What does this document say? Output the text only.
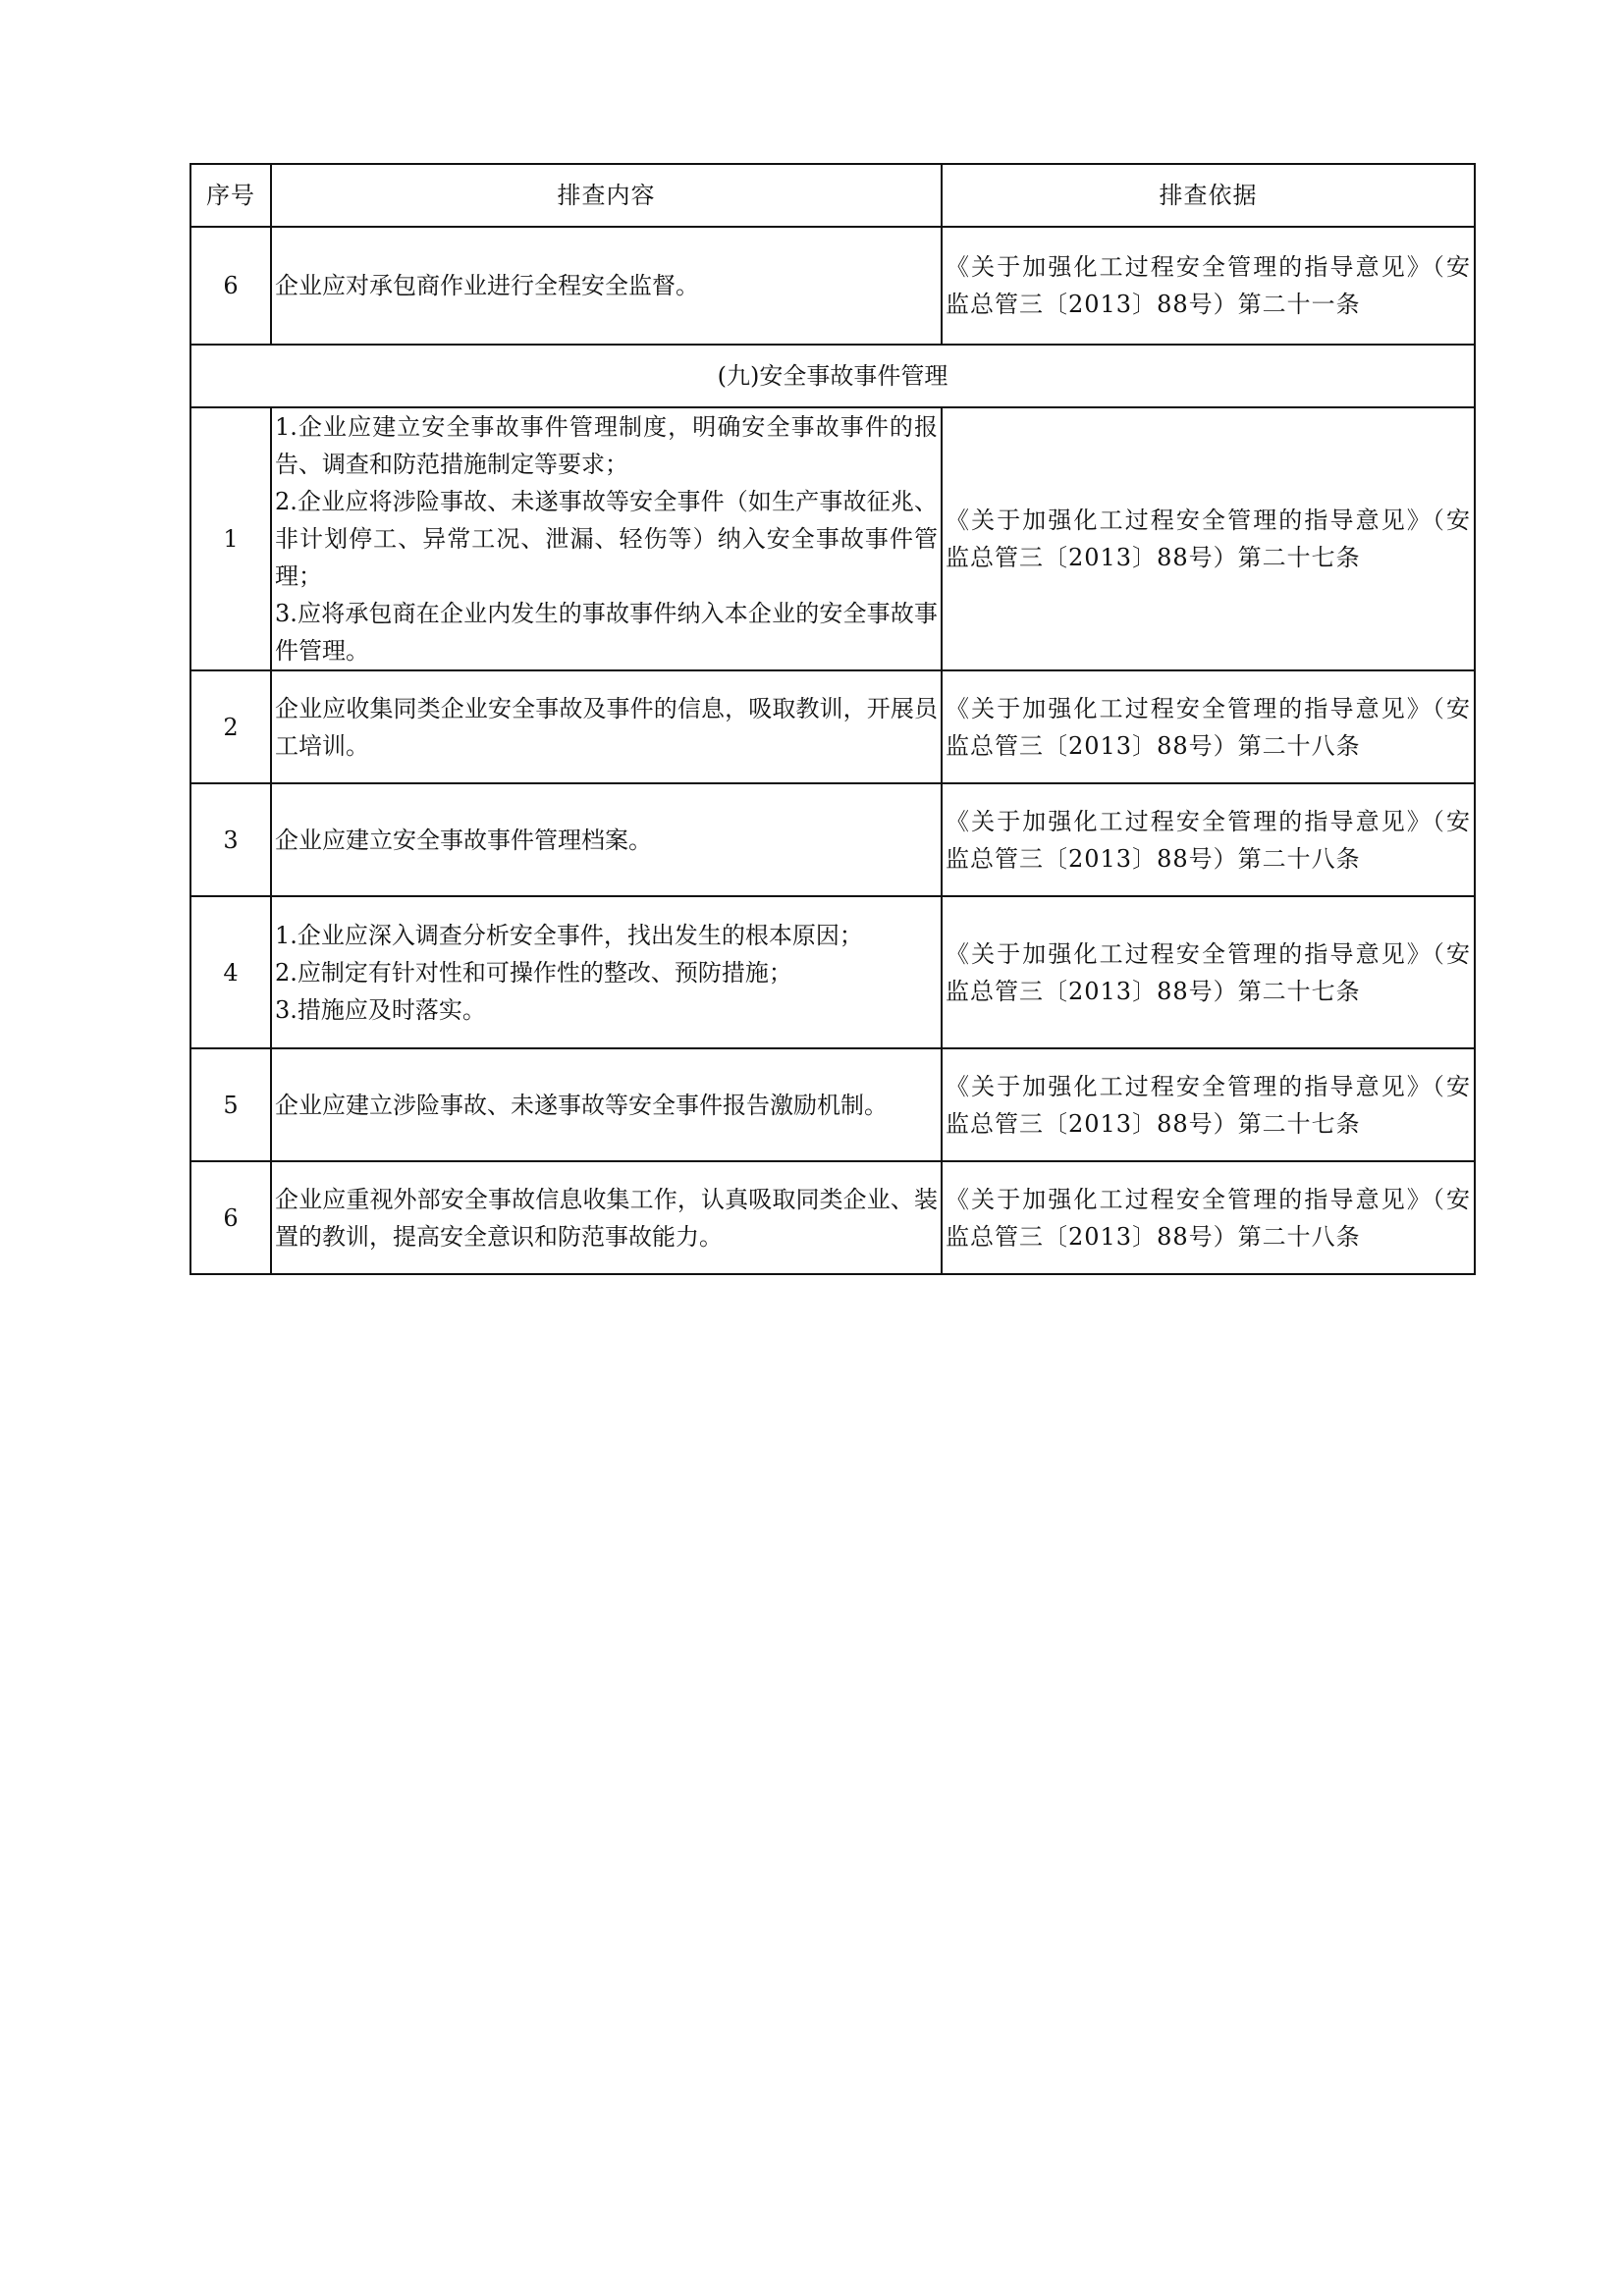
序号	排查内容	排查依据
6	企业应对承包商作业进行全程安全监督。	《关于加强化工过程安全管理的指导意见》（安监总管三〔2013〕88号）第二十一条
(九)安全事故事件管理		
1	1.企业应建立安全事故事件管理制度，明确安全事故事件的报告、调查和防范措施制定等要求；
2.企业应将涉险事故、未遂事故等安全事件（如生产事故征兆、非计划停工、异常工况、泄漏、轻伤等）纳入安全事故事件管理；
3.应将承包商在企业内发生的事故事件纳入本企业的安全事故事件管理。	《关于加强化工过程安全管理的指导意见》（安监总管三〔2013〕88号）第二十七条
2	企业应收集同类企业安全事故及事件的信息，吸取教训，开展员工培训。	《关于加强化工过程安全管理的指导意见》（安监总管三〔2013〕88号）第二十八条
3	企业应建立安全事故事件管理档案。	《关于加强化工过程安全管理的指导意见》（安监总管三〔2013〕88号）第二十八条
4	1.企业应深入调查分析安全事件，找出发生的根本原因；
2.应制定有针对性和可操作性的整改、预防措施；
3.措施应及时落实。	《关于加强化工过程安全管理的指导意见》（安监总管三〔2013〕88号）第二十七条
5	企业应建立涉险事故、未遂事故等安全事件报告激励机制。	《关于加强化工过程安全管理的指导意见》（安监总管三〔2013〕88号）第二十七条
6	企业应重视外部安全事故信息收集工作，认真吸取同类企业、装置的教训，提高安全意识和防范事故能力。	《关于加强化工过程安全管理的指导意见》（安监总管三〔2013〕88号）第二十八条
